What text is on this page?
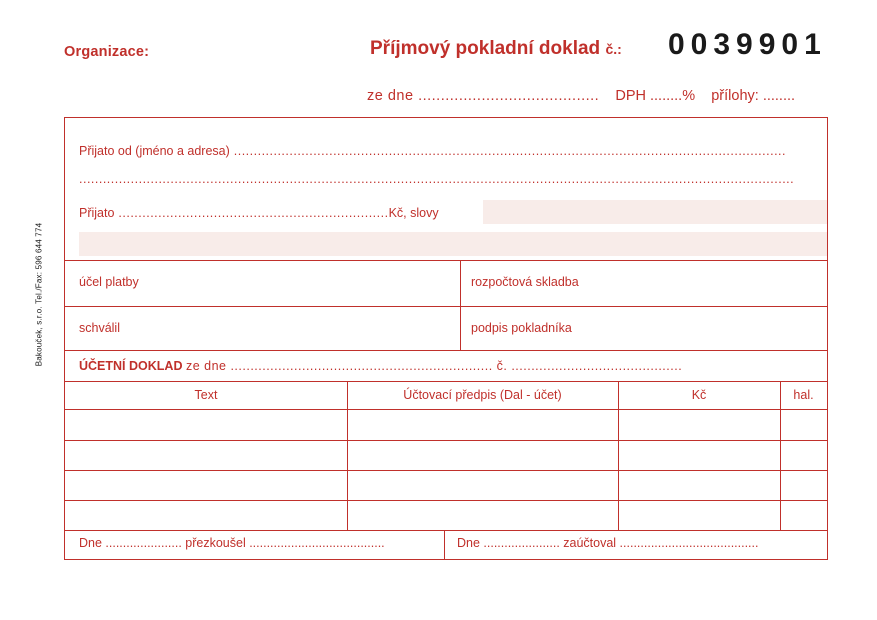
Organizace:	Příjmový pokladní doklad č.: 0039901
ze dne ........................................ DPH ........% přílohy: ........
Bakouček, s.r.o. Tel./Fax: 596 644 774
Přijato od (jméno a adresa) ...........................................................................................................................................
....................................................................................................................................................................................
Přijato ....................................................................Kč, slovy
účel platby	rozpočtová skladba
schválil	podpis pokladníka
ÚČETNÍ DOKLAD ze dne .................................................................. č. ...........................................
Text	Účtovací předpis (Dal - účet)	Kč	hal.
Dne ...................... přezkoušel .......................................	Dne ...................... zaúčtoval ........................................
